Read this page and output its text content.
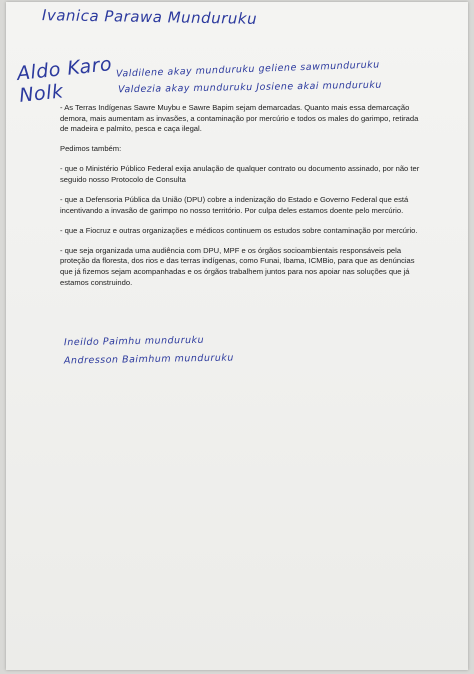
Ivanica Parawa Munduruku
Aldo Karo
Nolk
Valdilene akay munduruku geliene sawmunduruku
Valdezia akay munduruku Josiene akai munduruku

- As Terras Indígenas Sawre Muybu e Sawre Bapim sejam demarcadas. Quanto mais essa demarcação demora, mais aumentam as invasões, a contaminação por mercúrio e todos os males do garimpo, retirada de madeira e palmito, pesca e caça ilegal.

Pedimos também:

- que o Ministério Público Federal exija anulação de qualquer contrato ou documento assinado, por não ter seguido nosso Protocolo de Consulta

- que a Defensoria Pública da União (DPU) cobre a indenização do Estado e Governo Federal que está incentivando a invasão de garimpo no nosso território. Por culpa deles estamos doente pelo mercúrio.

- que a Fiocruz e outras organizações e médicos continuem os estudos sobre contaminação por mercúrio.

- que seja organizada uma audiência com DPU, MPF e os órgãos socioambientais responsáveis pela proteção da floresta, dos rios e das terras indígenas, como Funai, Ibama, ICMBio, para que as denúncias que já fizemos sejam acompanhadas e os órgãos trabalhem juntos para nos apoiar nas soluções que já estamos construindo.

Ineildo Paimhu munduruku
Andresson Baimhum munduruku
